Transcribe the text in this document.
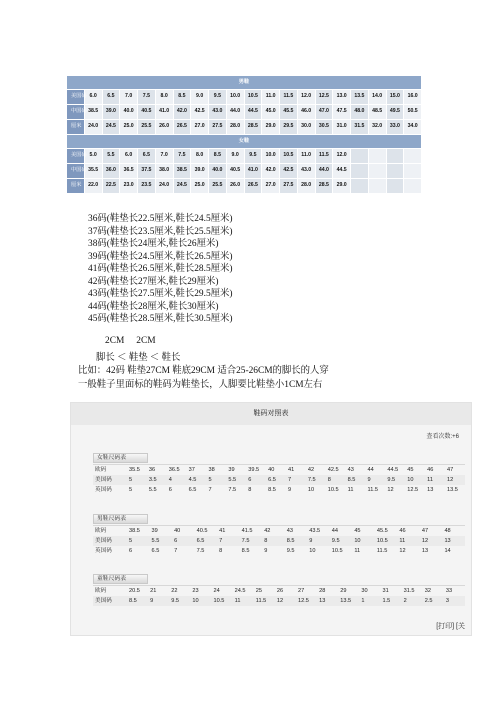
男鞋																			
美国码	6.0	6.5	7.0	7.5	8.0	8.5	9.0	9.5	10.0	10.5	11.0	11.5	12.0	12.5	13.0	13.5	14.0	15.0	16.0
中国码	38.5	39.0	40.0	40.5	41.0	42.0	42.5	43.0	44.0	44.5	45.0	45.5	46.0	47.0	47.5	48.0	48.5	49.5	50.5
厘米	24.0	24.5	25.0	25.5	26.0	26.5	27.0	27.5	28.0	28.5	29.0	29.5	30.0	30.5	31.0	31.5	32.0	33.0	34.0
女鞋																			
美国码	5.0	5.5	6.0	6.5	7.0	7.5	8.0	8.5	9.0	9.5	10.0	10.5	11.0	11.5	12.0				
中国码	35.5	36.0	36.5	37.5	38.0	38.5	39.0	40.0	40.5	41.0	42.0	42.5	43.0	44.0	44.5				
厘米	22.0	22.5	23.0	23.5	24.0	24.5	25.0	25.5	26.0	26.5	27.0	27.5	28.0	28.5	29.0				
36码(鞋垫长22.5厘米,鞋长24.5厘米)
37码(鞋垫长23.5厘米,鞋长25.5厘米)
38码(鞋垫长24厘米,鞋长26厘米)
39码(鞋垫长24.5厘米,鞋长26.5厘米)
41码(鞋垫长26.5厘米,鞋长28.5厘米)
42码(鞋垫长27厘米,鞋长29厘米)
43码(鞋垫长27.5厘米,鞋长29.5厘米)
44码(鞋垫长28厘米,鞋长30厘米)
45码(鞋垫长28.5厘米,鞋长30.5厘米)
2CM 2CM
脚长 ＜ 鞋垫 ＜ 鞋长
比如：42码 鞋垫27CM 鞋底29CM 适合25-26CM的脚长的人穿
一般鞋子里面标的鞋码为鞋垫长，人脚要比鞋垫小1CM左右
鞋码对照表
查看次数:+6
女鞋尺码表
欧码	35.5	36	36.5	37	38	39	39.5	40	41	42	42.5	43	44	44.5	45	46	47
美国码	5	3.5	4	4.5	5	5.5	6	6.5	7	7.5	8	8.5	9	9.5	10	11	12
英国码	5	5.5	6	6.5	7	7.5	8	8.5	9	10	10.5	11	11.5	12	12.5	13	13.5
男鞋尺码表
欧码	38.5	39	40	40.5	41	41.5	42	43	43.5	44	45	45.5	46	47	48
美国码	5	5.5	6	6.5	7	7.5	8	8.5	9	9.5	10	10.5	11	12	13
英国码	6	6.5	7	7.5	8	8.5	9	9.5	10	10.5	11	11.5	12	13	14
童鞋尺码表
欧码	20.5	21	22	23	24	24.5	25	26	27	28	29	30	31	31.5	32	33
美国码	8.5	9	9.5	10	10.5	11	11.5	12	12.5	13	13.5	1	1.5	2	2.5	3
[打印] [关
